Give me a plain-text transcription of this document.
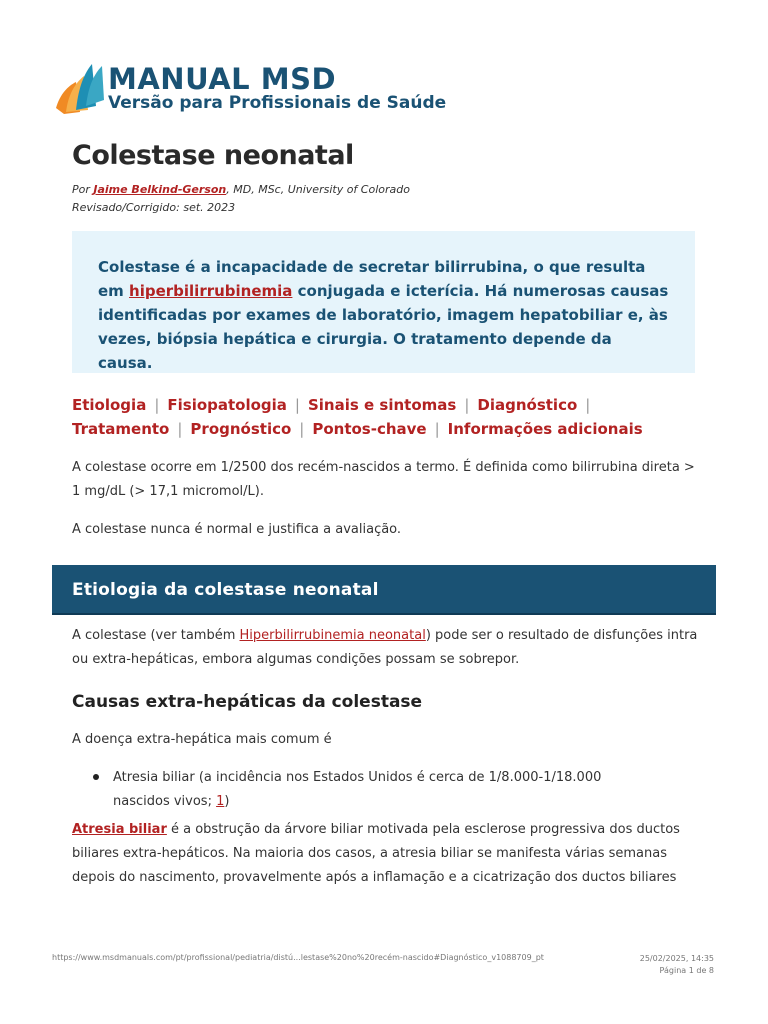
MANUAL MSD
Versão para Profissionais de Saúde
Colestase neonatal
Por Jaime Belkind-Gerson, MD, MSc, University of Colorado
Revisado/Corrigido: set. 2023

Colestase é a incapacidade de secretar bilirrubina, o que resulta em hiperbilirrubinemia conjugada e icterícia. Há numerosas causas identificadas por exames de laboratório, imagem hepatobiliar e, às vezes, biópsia hepática e cirurgia. O tratamento depende da causa.

Etiologia | Fisiopatologia | Sinais e sintomas | Diagnóstico |
Tratamento | Prognóstico | Pontos-chave | Informações adicionais

A colestase ocorre em 1/2500 dos recém-nascidos a termo. É definida como bilirrubina direta > 1 mg/dL (> 17,1 micromol/L).

A colestase nunca é normal e justifica a avaliação.

Etiologia da colestase neonatal

A colestase (ver também Hiperbilirrubinemia neonatal) pode ser o resultado de disfunções intra ou extra-hepáticas, embora algumas condições possam se sobrepor.

Causas extra-hepáticas da colestase

A doença extra-hepática mais comum é

Atresia biliar (a incidência nos Estados Unidos é cerca de 1/8.000-1/18.000 nascidos vivos; 1)

Atresia biliar é a obstrução da árvore biliar motivada pela esclerose progressiva dos ductos biliares extra-hepáticos. Na maioria dos casos, a atresia biliar se manifesta várias semanas depois do nascimento, provavelmente após a inflamação e a cicatrização dos ductos biliares

https://www.msdmanuals.com/pt/profissional/pediatria/distú...lestase%20no%20recém-nascido#Diagnóstico_v1088709_pt	25/02/2025, 14:35
Página 1 de 8
